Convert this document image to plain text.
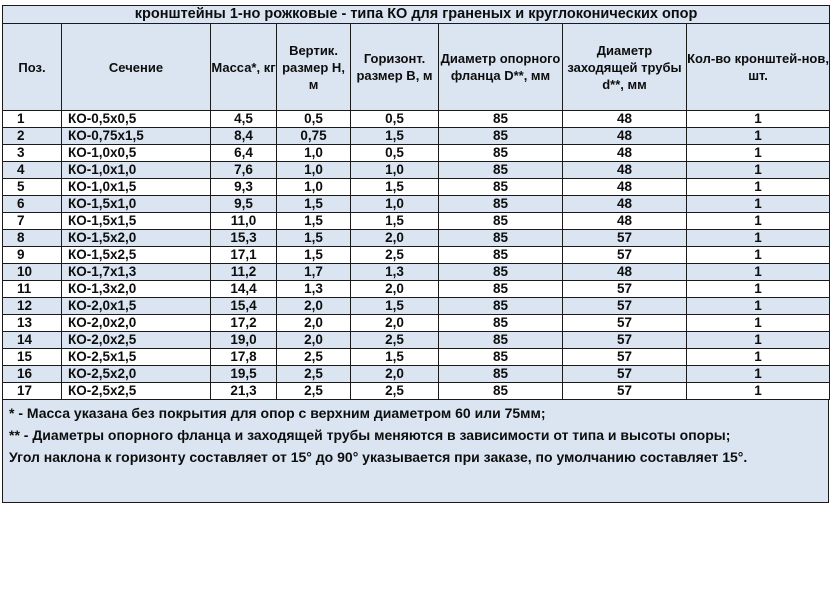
кронштейны 1-но рожковые - типа КО для граненых и круглоконических опор							
Поз.	Сечение	Масса*, кг	Вертик. размер H, м	Горизонт. размер B, м	Диаметр опорного фланца D**, мм	Диаметр заходящей трубы d**, мм	Кол-во кронштей-нов, шт.
1	КО-0,5х0,5	4,5	0,5	0,5	85	48	1
2	КО-0,75х1,5	8,4	0,75	1,5	85	48	1
3	КО-1,0х0,5	6,4	1,0	0,5	85	48	1
4	КО-1,0х1,0	7,6	1,0	1,0	85	48	1
5	КО-1,0х1,5	9,3	1,0	1,5	85	48	1
6	КО-1,5х1,0	9,5	1,5	1,0	85	48	1
7	КО-1,5х1,5	11,0	1,5	1,5	85	48	1
8	КО-1,5х2,0	15,3	1,5	2,0	85	57	1
9	КО-1,5х2,5	17,1	1,5	2,5	85	57	1
10	КО-1,7х1,3	11,2	1,7	1,3	85	48	1
11	КО-1,3х2,0	14,4	1,3	2,0	85	57	1
12	КО-2,0х1,5	15,4	2,0	1,5	85	57	1
13	КО-2,0х2,0	17,2	2,0	2,0	85	57	1
14	КО-2,0х2,5	19,0	2,0	2,5	85	57	1
15	КО-2,5х1,5	17,8	2,5	1,5	85	57	1
16	КО-2,5х2,0	19,5	2,5	2,0	85	57	1
17	КО-2,5х2,5	21,3	2,5	2,5	85	57	1

* - Масса указана без покрытия для опор с верхним диаметром 60 или 75мм;

** - Диаметры опорного фланца и заходящей трубы меняются в зависимости от типа и высоты опоры;

Угол наклона к горизонту составляет от 15° до 90° указывается при заказе, по умолчанию составляет 15°.
